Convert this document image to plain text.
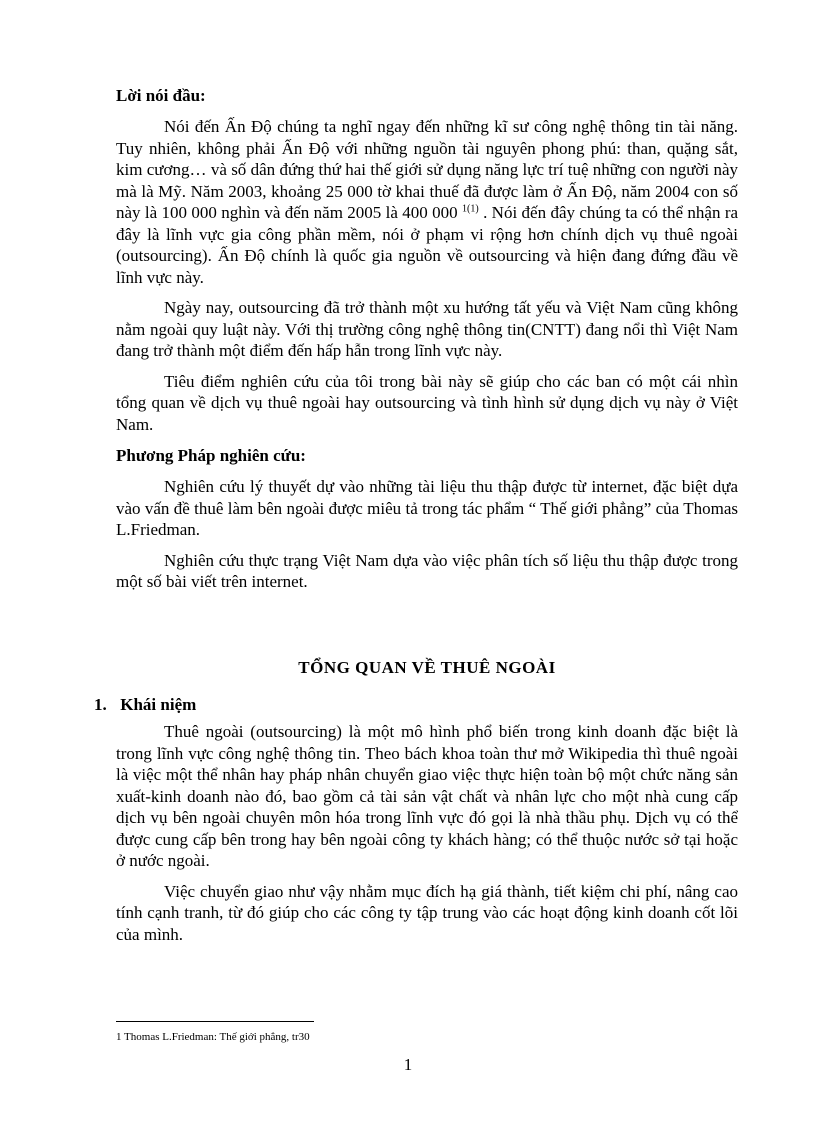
Lời nói đầu:

Nói đến Ấn Độ chúng ta nghĩ ngay đến những kĩ sư công nghệ thông tin tài năng. Tuy nhiên, không phải Ấn Độ với những nguồn tài nguyên phong phú: than, quặng sắt, kim cương… và số dân đứng thứ hai thế giới sử dụng năng lực trí tuệ những con người này mà là Mỹ. Năm 2003, khoảng 25 000 tờ khai thuế đã được làm ở Ấn Độ, năm 2004 con số này là 100 000 nghìn và đến năm 2005 là 400 000 $^{1(1)}$ . Nói đến đây chúng ta có thể nhận ra đây là lĩnh vực gia công phần mềm, nói ở phạm vi rộng hơn chính dịch vụ thuê ngoài (outsourcing). Ấn Độ chính là quốc gia nguồn về outsourcing và hiện đang đứng đầu về lĩnh vực này.

Ngày nay, outsourcing đã trở thành một xu hướng tất yếu và Việt Nam cũng không nằm ngoài quy luật này. Với thị trường công nghệ thông tin(CNTT) đang nổi thì Việt Nam đang trở thành một điểm đến hấp hẫn trong lĩnh vực này.

Tiêu điểm nghiên cứu của tôi trong bài này sẽ giúp cho các ban có một cái nhìn tổng quan về dịch vụ thuê ngoài hay outsourcing và tình hình sử dụng dịch vụ này ở Việt Nam.

Phương Pháp nghiên cứu:

Nghiên cứu lý thuyết dự vào những tài liệu thu thập được từ internet, đặc biệt dựa vào vấn đề thuê làm bên ngoài được miêu tả trong tác phẩm “ Thế giới phẳng” của Thomas L.Friedman.

Nghiên cứu thực trạng Việt Nam dựa vào việc phân tích số liệu thu thập được trong một số bài viết trên internet.

TỔNG QUAN VỀ THUÊ NGOÀI
1. Khái niệm

Thuê ngoài (outsourcing) là một mô hình phổ biến trong kinh doanh đặc biệt là trong lĩnh vực công nghệ thông tin. Theo bách khoa toàn thư mở Wikipedia thì thuê ngoài là việc một thể nhân hay pháp nhân chuyển giao việc thực hiện toàn bộ một chức năng sản xuất-kinh doanh nào đó, bao gồm cả tài sản vật chất và nhân lực cho một nhà cung cấp dịch vụ bên ngoài chuyên môn hóa trong lĩnh vực đó gọi là nhà thầu phụ. Dịch vụ có thể được cung cấp bên trong hay bên ngoài công ty khách hàng; có thể thuộc nước sở tại hoặc ở nước ngoài.

Việc chuyển giao như vậy nhằm mục đích hạ giá thành, tiết kiệm chi phí, nâng cao tính cạnh tranh, từ đó giúp cho các công ty tập trung vào các hoạt động kinh doanh cốt lõi của mình.

1 Thomas L.Friedman: Thế giới phẳng, tr30
1
